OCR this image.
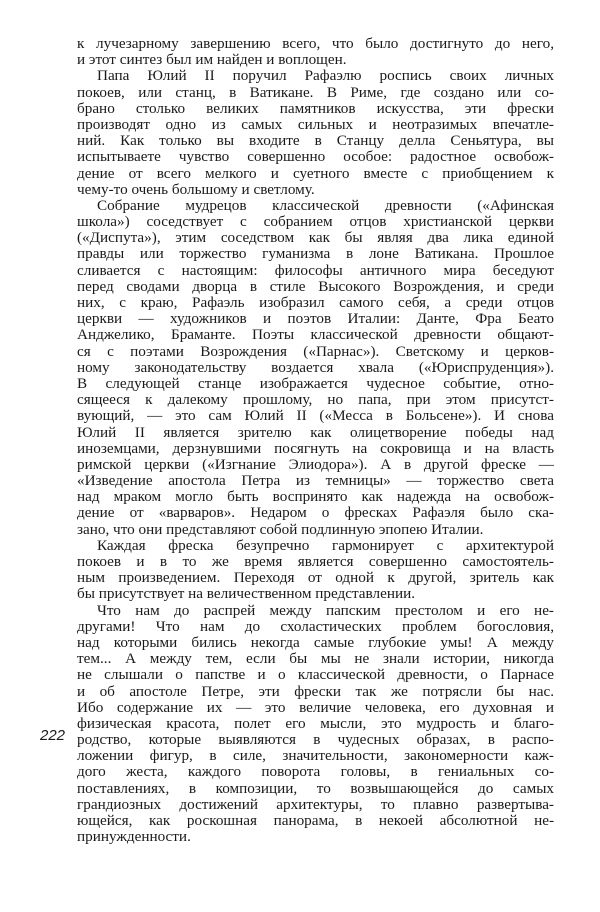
к лучезарному завершению всего, что было достигнуто до него,
и этот синтез был им найден и воплощен.
Папа Юлий II поручил Рафаэлю роспись своих личных
покоев, или станц, в Ватикане. В Риме, где создано или со-
брано столько великих памятников искусства, эти фрески
производят одно из самых сильных и неотразимых впечатле-
ний. Как только вы входите в Станцу делла Сеньятура, вы
испытываете чувство совершенно особое: радостное освобож-
дение от всего мелкого и суетного вместе с приобщением к
чему-то очень большому и светлому.
Собрание мудрецов классической древности («Афинская
школа») соседствует с собранием отцов христианской церкви
(«Диспута»), этим соседством как бы являя два лика единой
правды или торжество гуманизма в лоне Ватикана. Прошлое
сливается с настоящим: философы античного мира беседуют
перед сводами дворца в стиле Высокого Возрождения, и среди
них, с краю, Рафаэль изобразил самого себя, а среди отцов
церкви — художников и поэтов Италии: Данте, Фра Беато
Анджелико, Браманте. Поэты классической древности общают-
ся с поэтами Возрождения («Парнас»). Светскому и церков-
ному законодательству воздается хвала («Юриспруденция»).
В следующей станце изображается чудесное событие, отно-
сящееся к далекому прошлому, но папа, при этом присутст-
вующий, — это сам Юлий II («Месса в Больсене»). И снова
Юлий II является зрителю как олицетворение победы над
иноземцами, дерзнувшими посягнуть на сокровища и на власть
римской церкви («Изгнание Элиодора»). А в другой фреске —
«Изведение апостола Петра из темницы» — торжество света
над мраком могло быть воспринято как надежда на освобож-
дение от «варваров». Недаром о фресках Рафаэля было ска-
зано, что они представляют собой подлинную эпопею Италии.
Каждая фреска безупречно гармонирует с архитектурой
покоев и в то же время является совершенно самостоятель-
ным произведением. Переходя от одной к другой, зритель как
бы присутствует на величественном представлении.
Что нам до распрей между папским престолом и его не-
другами! Что нам до схоластических проблем богословия,
над которыми бились некогда самые глубокие умы! А между
тем... А между тем, если бы мы не знали истории, никогда
не слышали о папстве и о классической древности, о Парнасе
и об апостоле Петре, эти фрески так же потрясли бы нас.
Ибо содержание их — это величие человека, его духовная и
физическая красота, полет его мысли, это мудрость и благо-
родство, которые выявляются в чудесных образах, в распо-
ложении фигур, в силе, значительности, закономерности каж-
дого жеста, каждого поворота головы, в гениальных со-
поставлениях, в композиции, то возвышающейся до самых
грандиозных достижений архитектуры, то плавно развертыва-
ющейся, как роскошная панорама, в некоей абсолютной не-
принужденности.
222
